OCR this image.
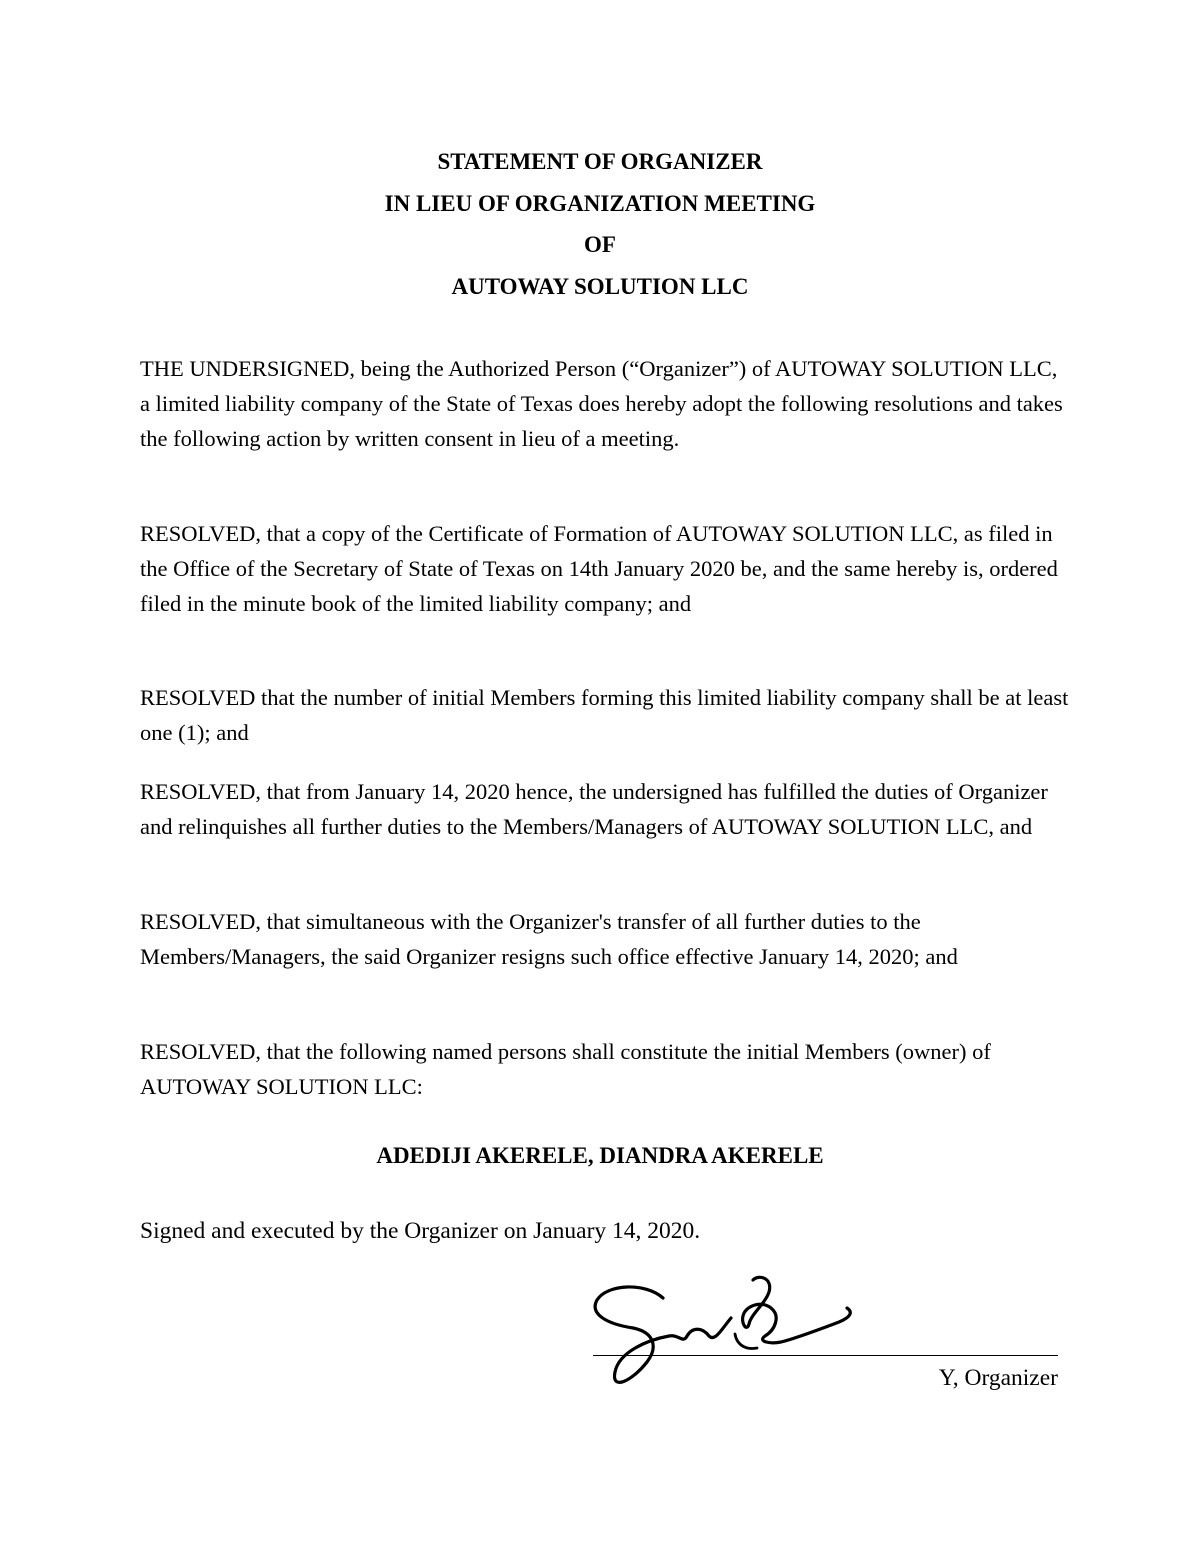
STATEMENT OF ORGANIZER
IN LIEU OF ORGANIZATION MEETING
OF
AUTOWAY SOLUTION LLC

THE UNDERSIGNED, being the Authorized Person (“Organizer”) of AUTOWAY SOLUTION LLC, a limited liability company of the State of Texas does hereby adopt the following resolutions and takes the following action by written consent in lieu of a meeting.

RESOLVED, that a copy of the Certificate of Formation of AUTOWAY SOLUTION LLC, as filed in the Office of the Secretary of State of Texas on 14th January 2020 be, and the same hereby is, ordered filed in the minute book of the limited liability company; and

RESOLVED that the number of initial Members forming this limited liability company shall be at least one (1); and

RESOLVED, that from January 14, 2020 hence, the undersigned has fulfilled the duties of Organizer and relinquishes all further duties to the Members/Managers of AUTOWAY SOLUTION LLC, and

RESOLVED, that simultaneous with the Organizer's transfer of all further duties to the Members/Managers, the said Organizer resigns such office effective January 14, 2020; and

RESOLVED, that the following named persons shall constitute the initial Members (owner) of AUTOWAY SOLUTION LLC:

ADEDIJI AKERELE, DIANDRA AKERELE
Signed and executed by the Organizer on January 14, 2020.
Y, Organizer
